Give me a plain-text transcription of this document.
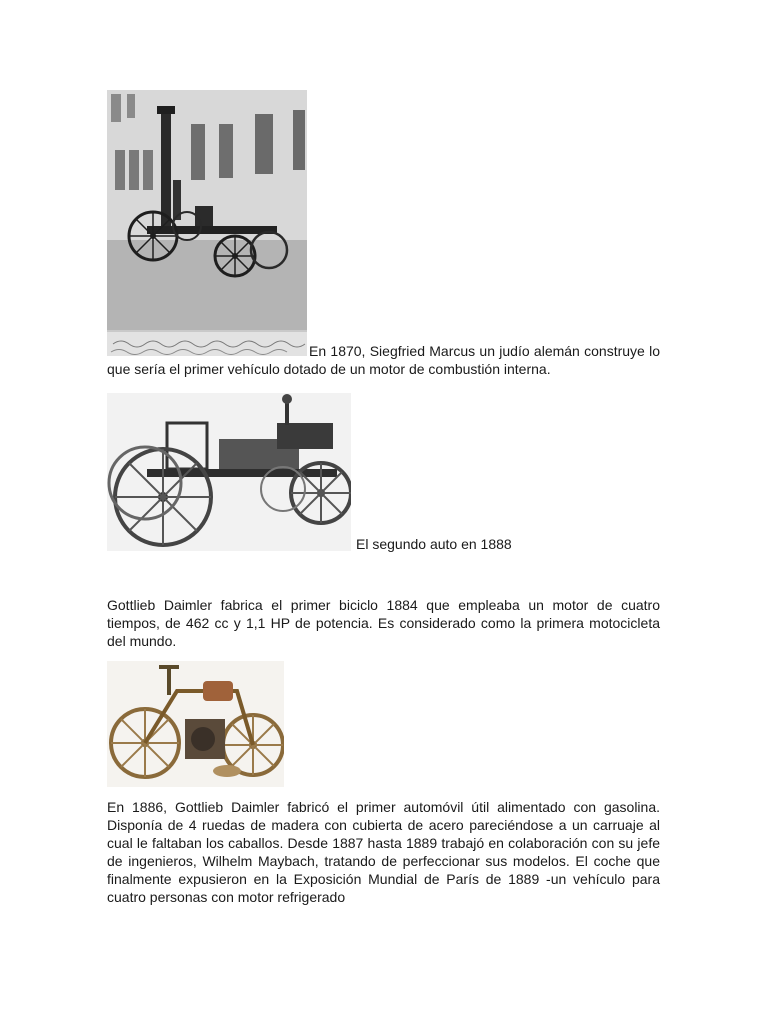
En 1870, Siegfried Marcus un judío alemán construye lo que sería el primer vehículo dotado de un motor de combustión interna.

El segundo auto en 1888

Gottlieb Daimler fabrica el primer biciclo 1884 que empleaba un motor de cuatro tiempos, de 462 cc y 1,1 HP de potencia. Es considerado como la primera motocicleta del mundo.

En 1886, Gottlieb Daimler fabricó el primer automóvil útil alimentado con gasolina. Disponía de 4 ruedas de madera con cubierta de acero pareciéndose a un carruaje al cual le faltaban los caballos. Desde 1887 hasta 1889 trabajó en colaboración con su jefe de ingenieros, Wilhelm Maybach, tratando de perfeccionar sus modelos. El coche que finalmente expusieron en la Exposición Mundial de París de 1889 -un vehículo para cuatro personas con motor refrigerado
